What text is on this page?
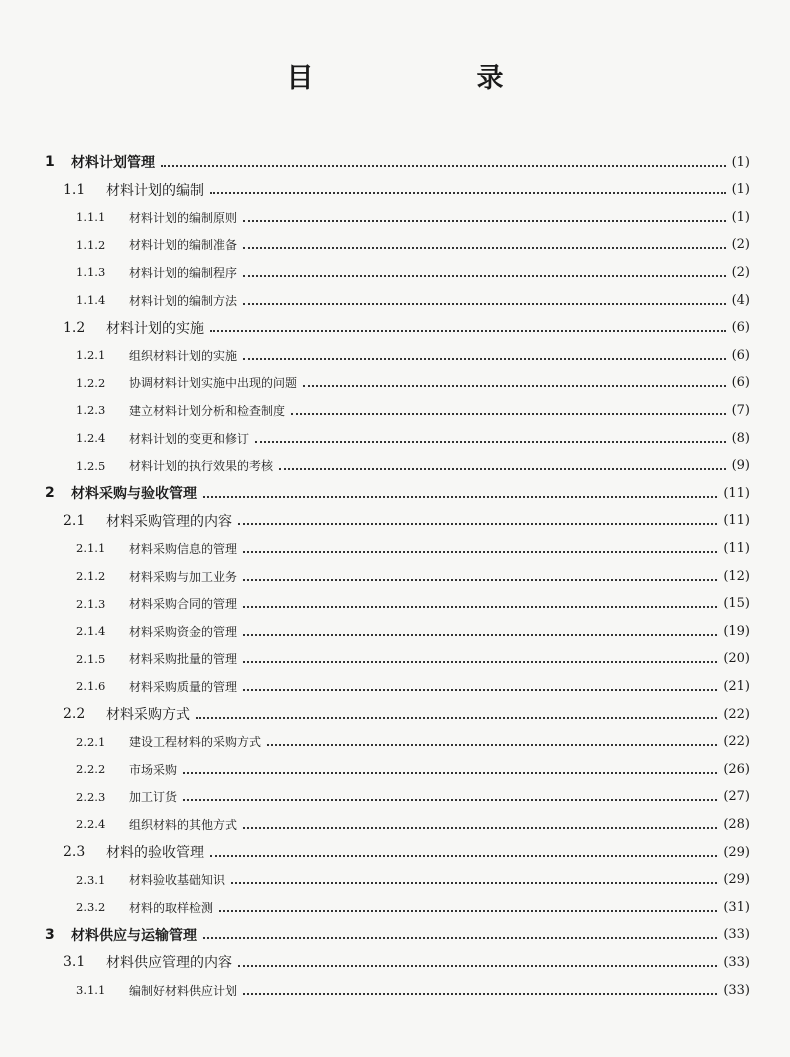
目　录
1	材料计划管理	(1)
1.1	材料计划的编制	(1)
1.1.1	材料计划的编制原则	(1)
1.1.2	材料计划的编制准备	(2)
1.1.3	材料计划的编制程序	(2)
1.1.4	材料计划的编制方法	(4)
1.2	材料计划的实施	(6)
1.2.1	组织材料计划的实施	(6)
1.2.2	协调材料计划实施中出现的问题	(6)
1.2.3	建立材料计划分析和检查制度	(7)
1.2.4	材料计划的变更和修订	(8)
1.2.5	材料计划的执行效果的考核	(9)
2	材料采购与验收管理	(11)
2.1	材料采购管理的内容	(11)
2.1.1	材料采购信息的管理	(11)
2.1.2	材料采购与加工业务	(12)
2.1.3	材料采购合同的管理	(15)
2.1.4	材料采购资金的管理	(19)
2.1.5	材料采购批量的管理	(20)
2.1.6	材料采购质量的管理	(21)
2.2	材料采购方式	(22)
2.2.1	建设工程材料的采购方式	(22)
2.2.2	市场采购	(26)
2.2.3	加工订货	(27)
2.2.4	组织材料的其他方式	(28)
2.3	材料的验收管理	(29)
2.3.1	材料验收基础知识	(29)
2.3.2	材料的取样检测	(31)
3	材料供应与运输管理	(33)
3.1	材料供应管理的内容	(33)
3.1.1	编制好材料供应计划	(33)
